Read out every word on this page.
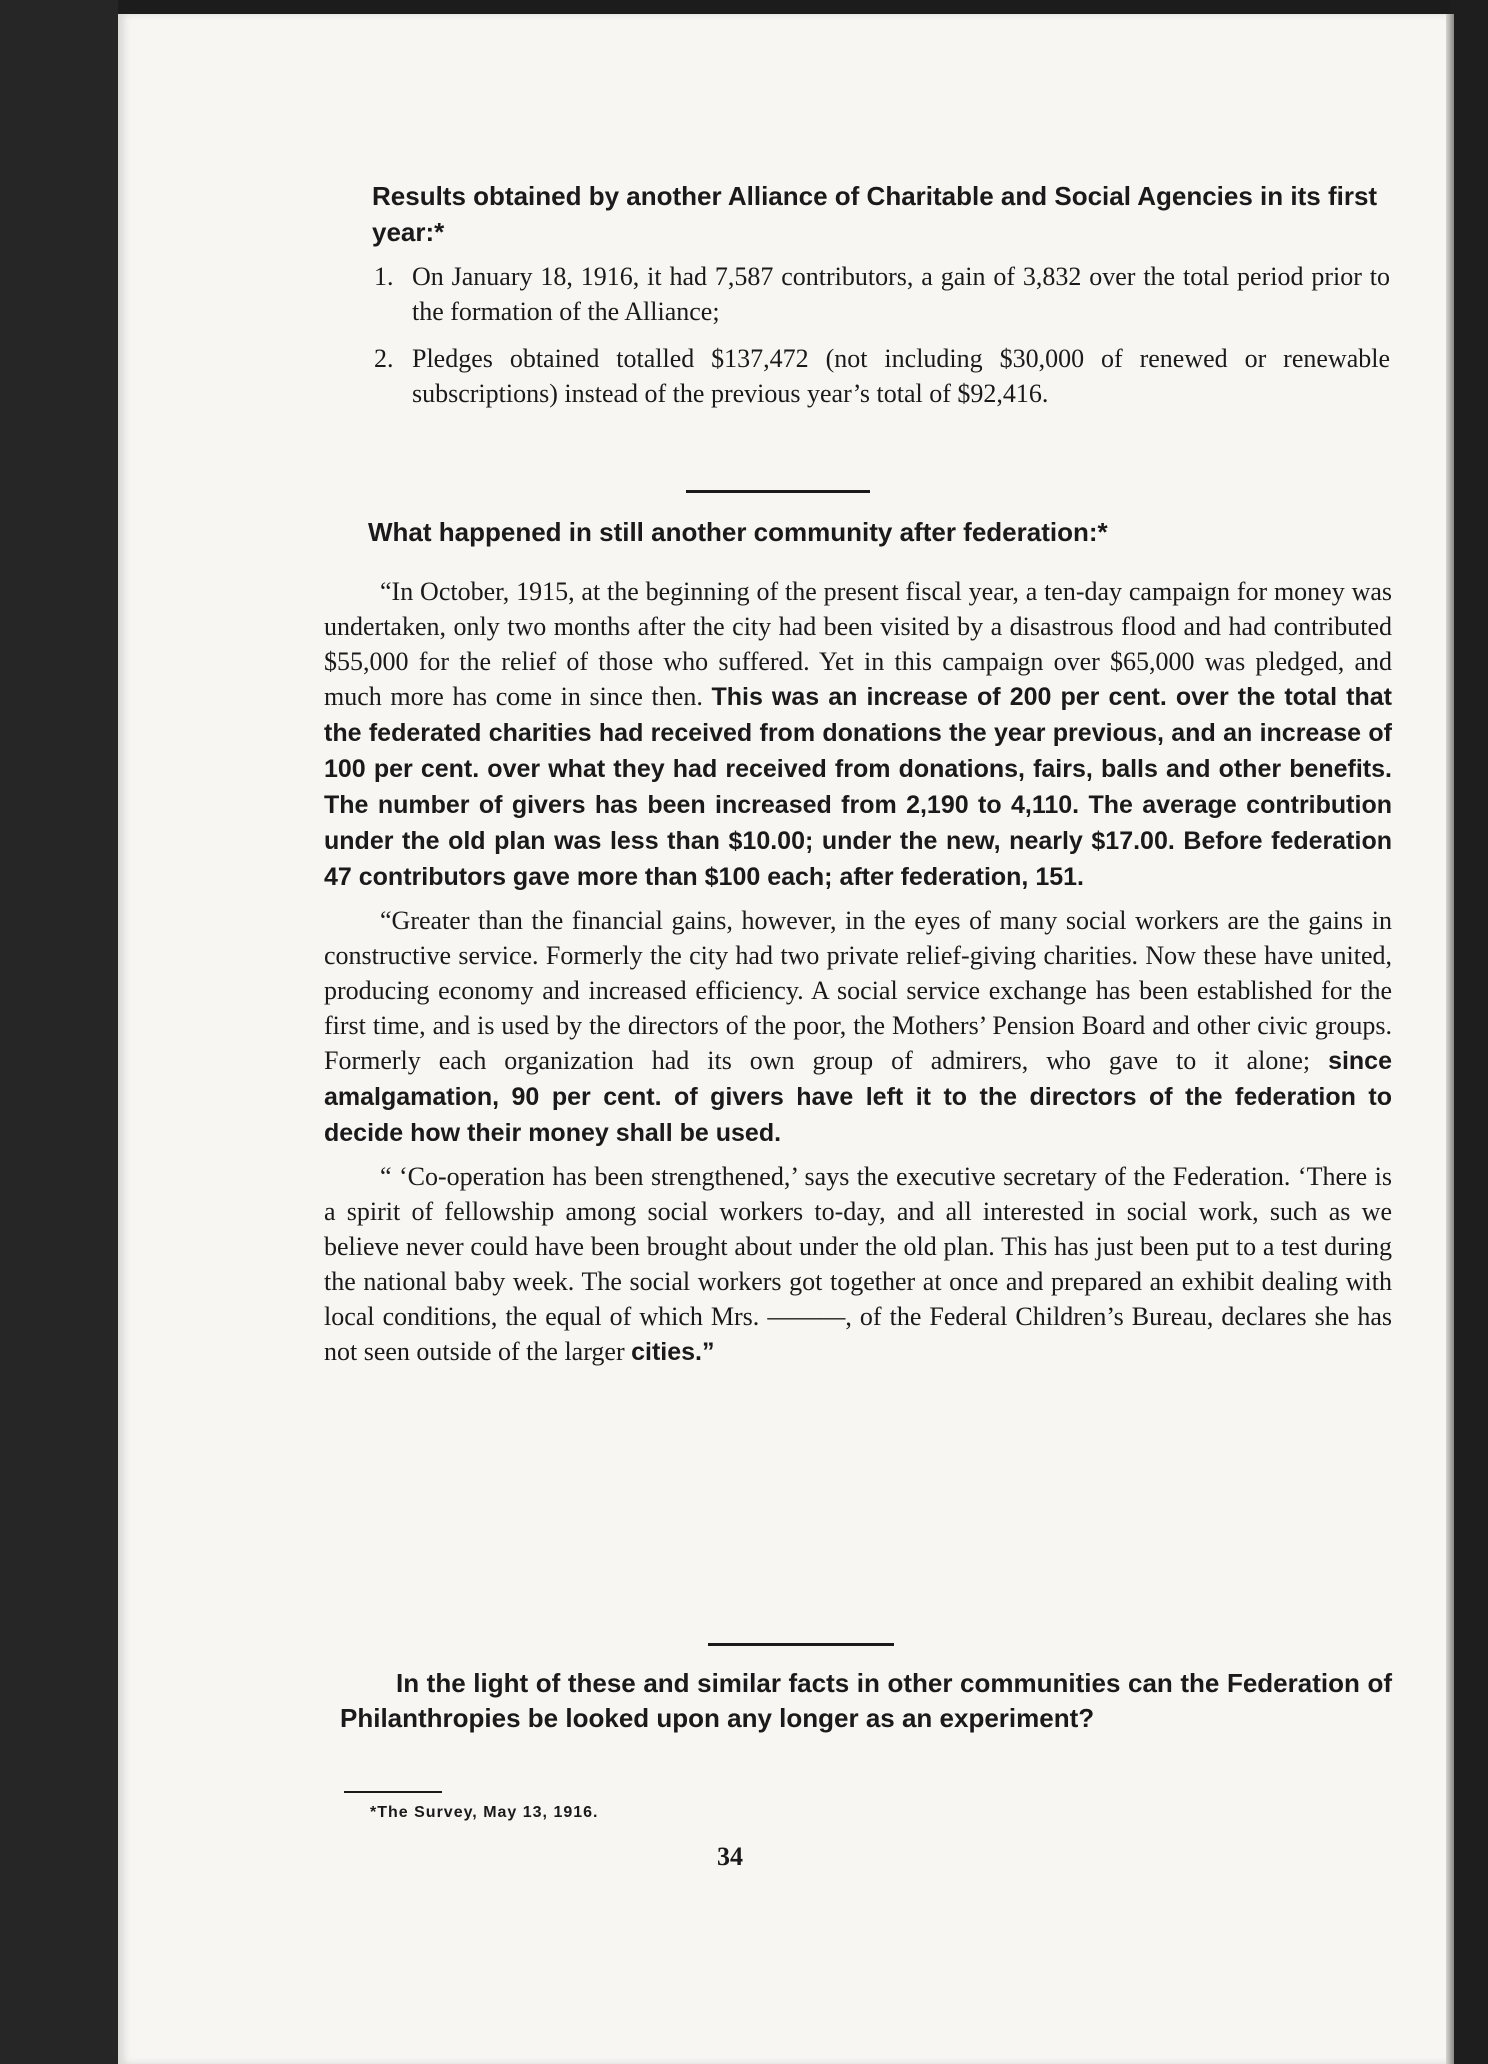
Results obtained by another Alliance of Charitable and Social Agencies in its first year:*
1. On January 18, 1916, it had 7,587 contributors, a gain of 3,832 over the total period prior to the formation of the Alliance;
2. Pledges obtained totalled $137,472 (not including $30,000 of renewed or renewable subscriptions) instead of the previous year’s total of $92,416.
What happened in still another community after federation:*

“In October, 1915, at the beginning of the present fiscal year, a ten-day campaign for money was undertaken, only two months after the city had been visited by a disastrous flood and had contributed $55,000 for the relief of those who suffered. Yet in this campaign over $65,000 was pledged, and much more has come in since then. This was an increase of 200 per cent. over the total that the federated charities had received from donations the year previous, and an increase of 100 per cent. over what they had received from donations, fairs, balls and other benefits. The number of givers has been increased from 2,190 to 4,110. The average contribution under the old plan was less than $10.00; under the new, nearly $17.00. Before federation 47 contributors gave more than $100 each; after federation, 151.

“Greater than the financial gains, however, in the eyes of many social workers are the gains in constructive service. Formerly the city had two private relief-giving charities. Now these have united, producing economy and increased efficiency. A social service exchange has been established for the first time, and is used by the directors of the poor, the Mothers’ Pension Board and other civic groups. Formerly each organization had its own group of admirers, who gave to it alone; since amalgamation, 90 per cent. of givers have left it to the directors of the federation to decide how their money shall be used.

“ ‘Co-operation has been strengthened,’ says the executive secretary of the Federation. ‘There is a spirit of fellowship among social workers to-day, and all interested in social work, such as we believe never could have been brought about under the old plan. This has just been put to a test during the national baby week. The social workers got together at once and prepared an exhibit dealing with local conditions, the equal of which Mrs. ———, of the Federal Children’s Bureau, declares she has not seen outside of the larger cities.”

In the light of these and similar facts in other communities can the Federation of Philanthropies be looked upon any longer as an experiment?
*The Survey, May 13, 1916.
34
